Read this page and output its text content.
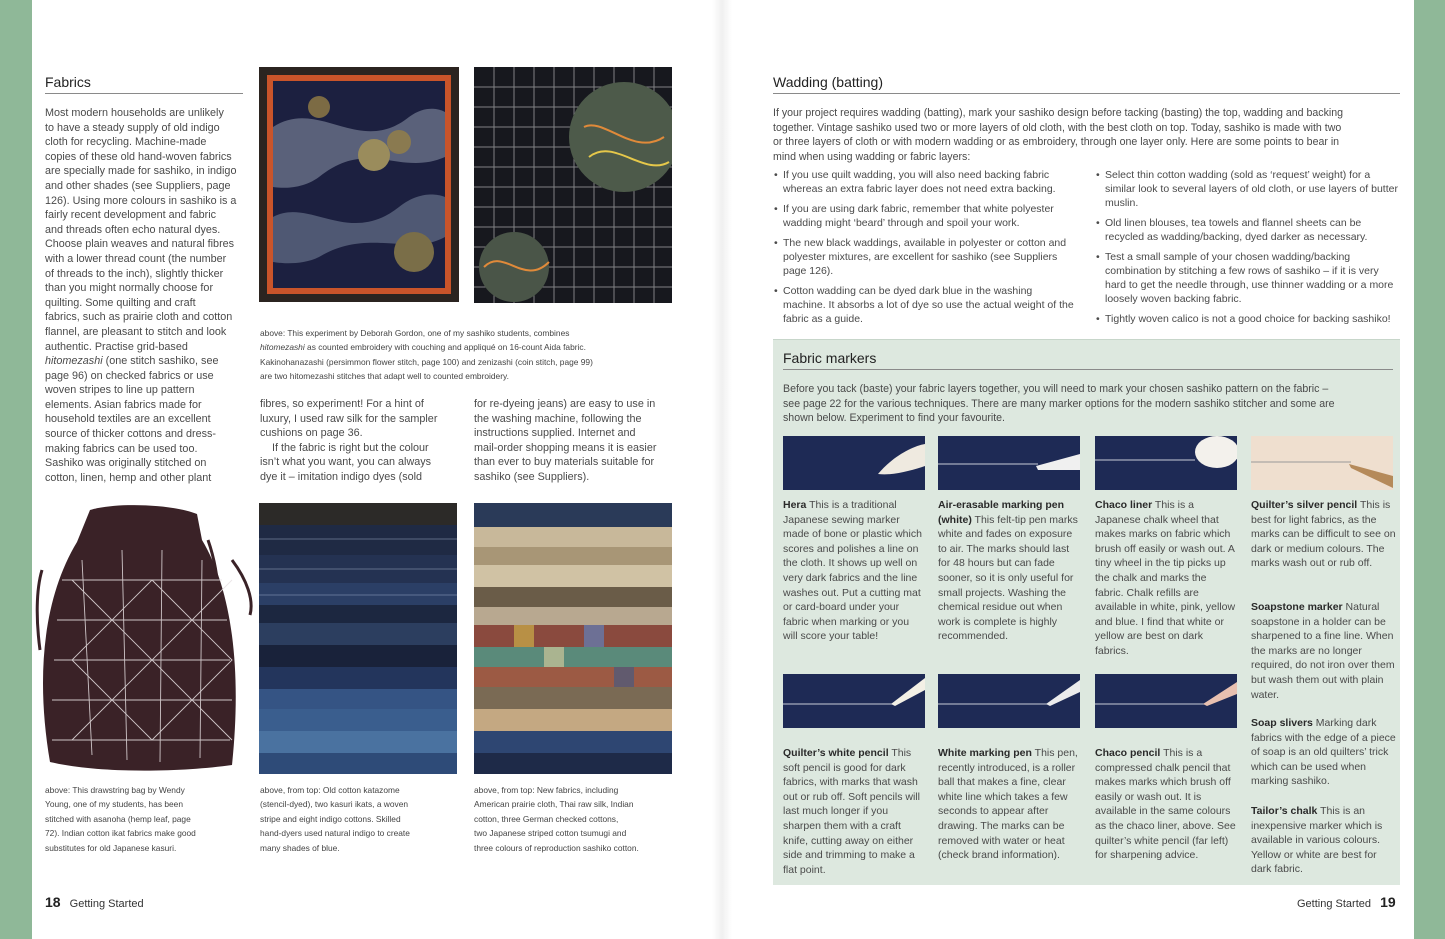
Fabrics

Most modern households are unlikely

to have a steady supply of old indigo

cloth for recycling. Machine-made

copies of these old hand-woven fabrics

are specially made for sashiko, in indigo

and other shades (see Suppliers, page

126). Using more colours in sashiko is a

fairly recent development and fabric

and threads often echo natural dyes.

Choose plain weaves and natural fibres

with a lower thread count (the number

of threads to the inch), slightly thicker

than you might normally choose for

quilting. Some quilting and craft

fabrics, such as prairie cloth and cotton

flannel, are pleasant to stitch and look

authentic. Practise grid-based

hitomezashi (one stitch sashiko, see

page 96) on checked fabrics or use

woven stripes to line up pattern

elements. Asian fabrics made for

household textiles are an excellent

source of thicker cottons and dress-

making fabrics can be used too.

Sashiko was originally stitched on

cotton, linen, hemp and other plant

fibres, so experiment! For a hint of

luxury, I used raw silk for the sampler

cushions on page 36.

If the fabric is right but the colour

isn’t what you want, you can always

dye it – imitation indigo dyes (sold

for re-dyeing jeans) are easy to use in

the washing machine, following the

instructions supplied. Internet and

mail-order shopping means it is easier

than ever to buy materials suitable for

sashiko (see Suppliers).

above: This experiment by Deborah Gordon, one of my sashiko students, combines

hitomezashi as counted embroidery with couching and appliqué on 16-count Aida fabric.

Kakinohanazashi (persimmon flower stitch, page 100) and zenizashi (coin stitch, page 99)

are two hitomezashi stitches that adapt well to counted embroidery.

above: This drawstring bag by Wendy

Young, one of my students, has been

stitched with asanoha (hemp leaf, page

72). Indian cotton ikat fabrics make good

substitutes for old Japanese kasuri.

above, from top: Old cotton katazome

(stencil-dyed), two kasuri ikats, a woven

stripe and eight indigo cottons. Skilled

hand-dyers used natural indigo to create

many shades of blue.

above, from top: New fabrics, including

American prairie cloth, Thai raw silk, Indian

cotton, three German checked cottons,

two Japanese striped cotton tsumugi and

three colours of reproduction sashiko cotton.

18 Getting Started
Wadding (batting)

If your project requires wadding (batting), mark your sashiko design before tacking (basting) the top, wadding and backing

together. Vintage sashiko used two or more layers of old cloth, with the best cloth on top. Today, sashiko is made with two

or three layers of cloth or with modern wadding or as embroidery, through one layer only. Here are some points to bear in

mind when using wadding or fabric layers:

• If you use quilt wadding, you will also need backing fabric whereas an extra fabric layer does not need extra backing.
• If you are using dark fabric, remember that white polyester wadding might ‘beard’ through and spoil your work.
• The new black waddings, available in polyester or cotton and polyester mixtures, are excellent for sashiko (see Suppliers page 126).
• Cotton wadding can be dyed dark blue in the washing machine. It absorbs a lot of dye so use the actual weight of the fabric as a guide.
• Select thin cotton wadding (sold as ‘request’ weight) for a similar look to several layers of old cloth, or use layers of butter muslin.
• Old linen blouses, tea towels and flannel sheets can be recycled as wadding/backing, dyed darker as necessary.
• Test a small sample of your chosen wadding/backing combination by stitching a few rows of sashiko – if it is very hard to get the needle through, use thinner wadding or a more loosely woven backing fabric.
• Tightly woven calico is not a good choice for backing sashiko!
Fabric markers

Before you tack (baste) your fabric layers together, you will need to mark your chosen sashiko pattern on the fabric –

see page 22 for the various techniques. There are many marker options for the modern sashiko stitcher and some are

shown below. Experiment to find your favourite.

Hera This is a traditional Japanese sewing marker made of bone or plastic which scores and polishes a line on the cloth. It shows up well on very dark fabrics and the line washes out. Put a cutting mat or card-board under your fabric when marking or you will score your table!
Air-erasable marking pen (white) This felt-tip pen marks white and fades on exposure to air. The marks should last for 48 hours but can fade sooner, so it is only useful for small projects. Washing the chemical residue out when work is complete is highly recommended.
Chaco liner This is a Japanese chalk wheel that makes marks on fabric which brush off easily or wash out. A tiny wheel in the tip picks up the chalk and marks the fabric. Chalk refills are available in white, pink, yellow and blue. I find that white or yellow are best on dark fabrics.
Quilter’s silver pencil This is best for light fabrics, as the marks can be difficult to see on dark or medium colours. The marks wash out or rub off.
Quilter’s white pencil This soft pencil is good for dark fabrics, with marks that wash out or rub off. Soft pencils will last much longer if you sharpen them with a craft knife, cutting away on either side and trimming to make a flat point.
White marking pen This pen, recently introduced, is a roller ball that makes a fine, clear white line which takes a few seconds to appear after drawing. The marks can be removed with water or heat (check brand information).
Chaco pencil This is a compressed chalk pencil that makes marks which brush off easily or wash out. It is available in the same colours as the chaco liner, above. See quilter’s white pencil (far left) for sharpening advice.
Soapstone marker Natural soapstone in a holder can be sharpened to a fine line. When the marks are no longer required, do not iron over them but wash them out with plain water.
Soap slivers Marking dark fabrics with the edge of a piece of soap is an old quilters’ trick which can be used when marking sashiko.
Tailor’s chalk This is an inexpensive marker which is available in various colours. Yellow or white are best for dark fabric.
Getting Started 19
